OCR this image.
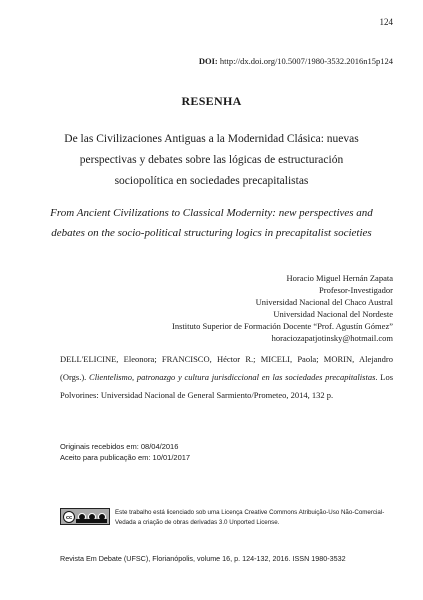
124
DOI: http://dx.doi.org/10.5007/1980-3532.2016n15p124
RESENHA
De las Civilizaciones Antiguas a la Modernidad Clásica: nuevas perspectivas y debates sobre las lógicas de estructuración sociopolítica en sociedades precapitalistas
From Ancient Civilizations to Classical Modernity: new perspectives and debates on the socio-political structuring logics in precapitalist societies
Horacio Miguel Hernán Zapata
Profesor-Investigador
Universidad Nacional del Chaco Austral
Universidad Nacional del Nordeste
Instituto Superior de Formación Docente “Prof. Agustín Gómez”
horaciozapatjotinsky@hotmail.com
DELL'ELICINE, Eleonora; FRANCISCO, Héctor R.; MICELI, Paola; MORIN, Alejandro (Orgs.). Clientelismo, patronazgo y cultura jurisdiccional en las sociedades precapitalistas. Los Polvorines: Universidad Nacional de General Sarmiento/Prometeo, 2014, 132 p.
Originais recebidos em: 08/04/2016
Aceito para publicação em: 10/01/2017
cc
Este trabalho está licenciado sob uma Licença Creative Commons Atribuição-Uso Não-Comercial-Vedada a criação de obras derivadas 3.0 Unported License.
Revista Em Debate (UFSC), Florianópolis, volume 16, p. 124-132, 2016. ISSN 1980-3532
